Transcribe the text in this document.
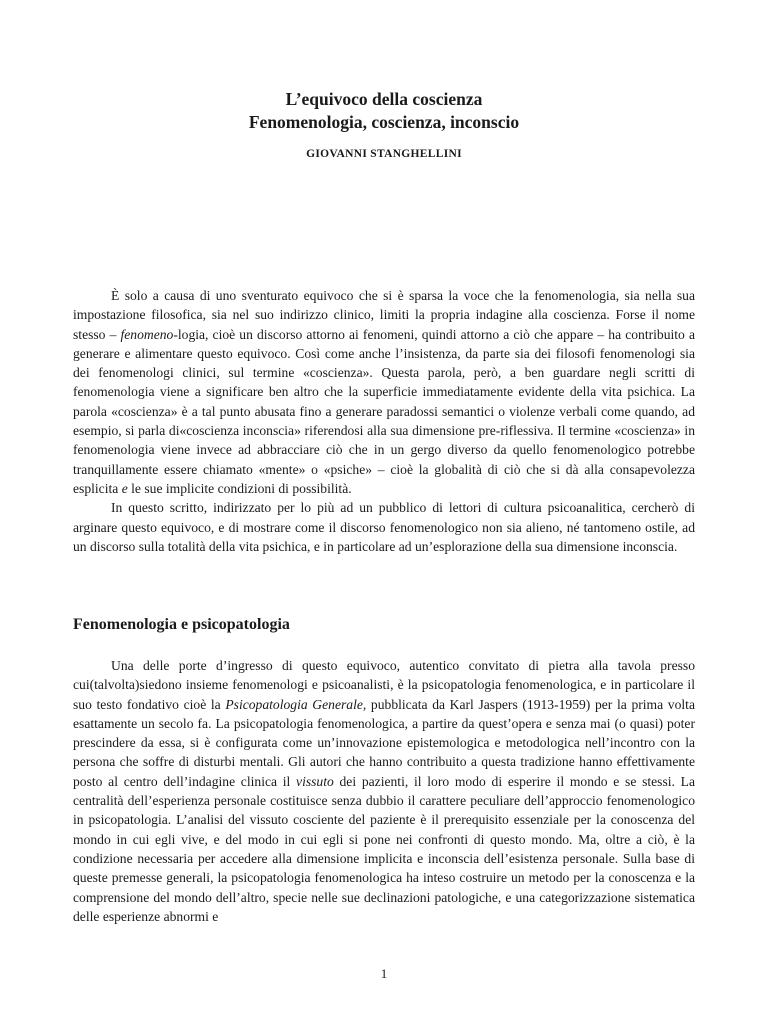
L’equivoco della coscienza

Fenomenologia, coscienza, inconscio

GIOVANNI STANGHELLINI

È solo a causa di uno sventurato equivoco che si è sparsa la voce che la fenomenologia, sia nella sua impostazione filosofica, sia nel suo indirizzo clinico, limiti la propria indagine alla coscienza. Forse il nome stesso – fenomeno-logia, cioè un discorso attorno ai fenomeni, quindi attorno a ciò che appare – ha contribuito a generare e alimentare questo equivoco. Così come anche l’insistenza, da parte sia dei filosofi fenomenologi sia dei fenomenologi clinici, sul termine «coscienza». Questa parola, però, a ben guardare negli scritti di fenomenologia viene a significare ben altro che la superficie immediatamente evidente della vita psichica. La parola «coscienza» è a tal punto abusata fino a generare paradossi semantici o violenze verbali come quando, ad esempio, si parla di«coscienza inconscia» riferendosi alla sua dimensione pre-riflessiva. Il termine «coscienza» in fenomenologia viene invece ad abbracciare ciò che in un gergo diverso da quello fenomenologico potrebbe tranquillamente essere chiamato «mente» o «psiche» – cioè la globalità di ciò che si dà alla consapevolezza esplicita e le sue implicite condizioni di possibilità.

In questo scritto, indirizzato per lo più ad un pubblico di lettori di cultura psicoanalitica, cercherò di arginare questo equivoco, e di mostrare come il discorso fenomenologico non sia alieno, né tantomeno ostile, ad un discorso sulla totalità della vita psichica, e in particolare ad un’esplorazione della sua dimensione inconscia.

Fenomenologia e psicopatologia

Una delle porte d’ingresso di questo equivoco, autentico convitato di pietra alla tavola presso cui(talvolta)siedono insieme fenomenologi e psicoanalisti, è la psicopatologia fenomenologica, e in particolare il suo testo fondativo cioè la Psicopatologia Generale, pubblicata da Karl Jaspers (1913-1959) per la prima volta esattamente un secolo fa. La psicopatologia fenomenologica, a partire da quest’opera e senza mai (o quasi) poter prescindere da essa, si è configurata come un’innovazione epistemologica e metodologica nell’incontro con la persona che soffre di disturbi mentali. Gli autori che hanno contribuito a questa tradizione hanno effettivamente posto al centro dell’indagine clinica il vissuto dei pazienti, il loro modo di esperire il mondo e se stessi. La centralità dell’esperienza personale costituisce senza dubbio il carattere peculiare dell’approccio fenomenologico in psicopatologia. L’analisi del vissuto cosciente del paziente è il prerequisito essenziale per la conoscenza del mondo in cui egli vive, e del modo in cui egli si pone nei confronti di questo mondo. Ma, oltre a ciò, è la condizione necessaria per accedere alla dimensione implicita e inconscia dell’esistenza personale. Sulla base di queste premesse generali, la psicopatologia fenomenologica ha inteso costruire un metodo per la conoscenza e la comprensione del mondo dell’altro, specie nelle sue declinazioni patologiche, e una categorizzazione sistematica delle esperienze abnormi e

1
